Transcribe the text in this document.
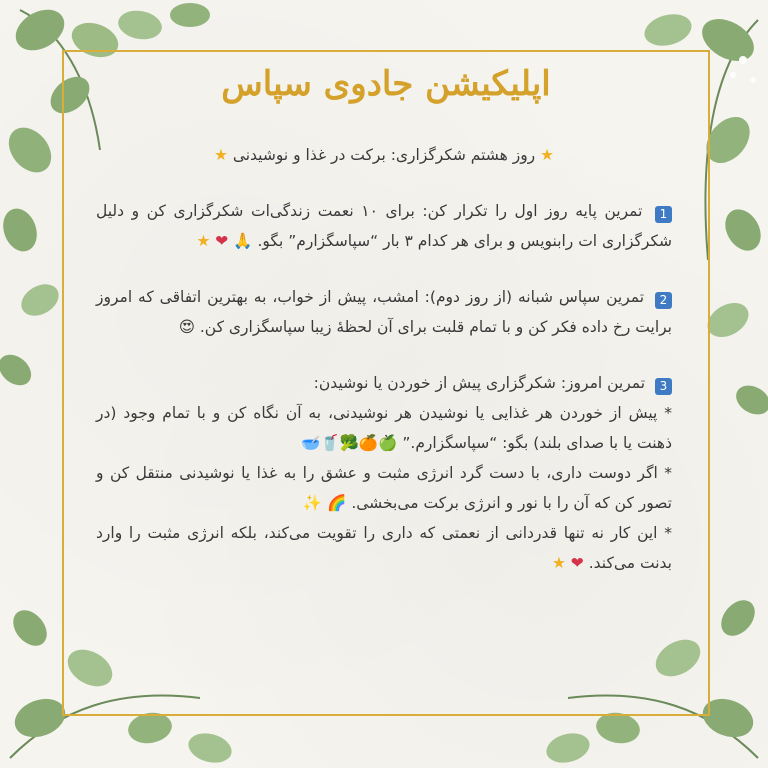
اپلیکیشن جادوی سپاس

★ روز هشتم شکرگزاری: برکت در غذا و نوشیدنی ★

1 تمرین پایه روز اول را تکرار کن: برای ۱۰ نعمت زندگی‌ات شکرگزاری کن و دلیل شکرگزاری ات رابنویس و برای هر کدام ۳ بار “سپاسگزارم” بگو. 🙏 ❤ ★

2 تمرین سپاس شبانه (از روز دوم): امشب، پیش از خواب، به بهترین اتفاقی که امروز برایت رخ داده فکر کن و با تمام قلبت برای آن لحظهٔ زیبا سپاسگزاری کن. 😍

3 تمرین امروز: شکرگزاری پیش از خوردن یا نوشیدن:

* پیش از خوردن هر غذایی یا نوشیدن هر نوشیدنی، به آن نگاه کن و با تمام وجود (در ذهنت یا با صدای بلند) بگو: “سپاسگزارم.” 🍏🍊🥦🥤🥣

* اگر دوست داری، با دست گرد انرژی مثبت و عشق را به غذا یا نوشیدنی منتقل کن و تصور کن که آن را با نور و انرژی برکت می‌بخشی. 🌈 ✨

* این کار نه تنها قدردانی از نعمتی که داری را تقویت می‌کند، بلکه انرژی مثبت را وارد بدنت می‌کند. ❤ ★
